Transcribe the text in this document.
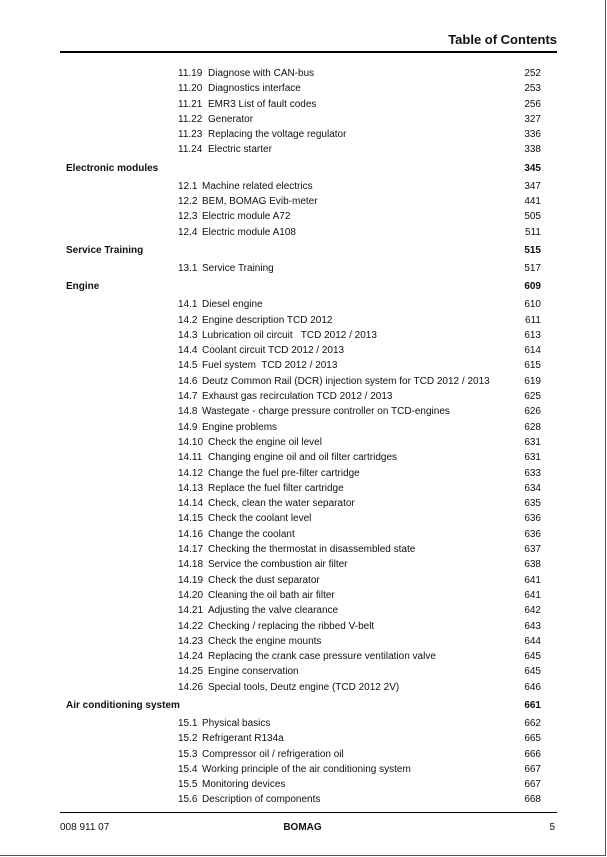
Table of Contents
11.19 Diagnose with CAN-bus	252
11.20 Diagnostics interface	253
11.21 EMR3 List of fault codes	256
11.22 Generator	327
11.23 Replacing the voltage regulator	336
11.24 Electric starter	338
Electronic modules	345
12.1 Machine related electrics	347
12.2 BEM, BOMAG Evib-meter	441
12.3 Electric module A72	505
12.4 Electric module A108	511
Service Training	515
13.1 Service Training	517
Engine	609
14.1 Diesel engine	610
14.2 Engine description TCD 2012	611
14.3 Lubrication oil circuit   TCD 2012 / 2013	613
14.4 Coolant circuit TCD 2012 / 2013	614
14.5 Fuel system  TCD 2012 / 2013	615
14.6 Deutz Common Rail (DCR) injection system for TCD 2012 / 2013	619
14.7 Exhaust gas recirculation TCD 2012 / 2013	625
14.8 Wastegate - charge pressure controller on TCD-engines	626
14.9 Engine problems	628
14.10 Check the engine oil level	631
14.11 Changing engine oil and oil filter cartridges	631
14.12 Change the fuel pre-filter cartridge	633
14.13 Replace the fuel filter cartridge	634
14.14 Check, clean the water separator	635
14.15 Check the coolant level	636
14.16 Change the coolant	636
14.17 Checking the thermostat in disassembled state	637
14.18 Service the combustion air filter	638
14.19 Check the dust separator	641
14.20 Cleaning the oil bath air filter	641
14.21 Adjusting the valve clearance	642
14.22 Checking / replacing the ribbed V-belt	643
14.23 Check the engine mounts	644
14.24 Replacing the crank case pressure ventilation valve	645
14.25 Engine conservation	645
14.26 Special tools, Deutz engine (TCD 2012 2V)	646
Air conditioning system	661
15.1 Physical basics	662
15.2 Refrigerant R134a	665
15.3 Compressor oil / refrigeration oil	666
15.4 Working principle of the air conditioning system	667
15.5 Monitoring devices	667
15.6 Description of components	668
008 911 07	BOMAG	5
